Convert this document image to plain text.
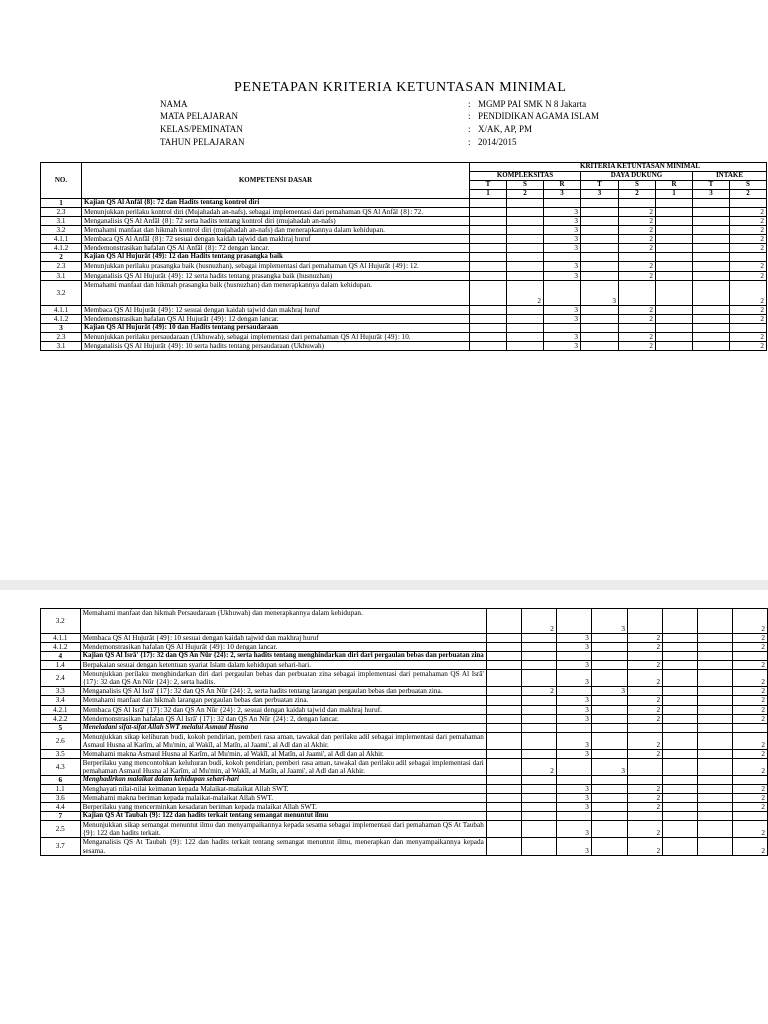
PENETAPAN KRITERIA KETUNTASAN MINIMAL
NAMA	: MGMP PAI SMK N 8 Jakarta
MATA PELAJARAN	: PENDIDIKAN AGAMA ISLAM
KELAS/PEMINATAN	: X/AK, AP, PM
TAHUN PELAJARAN	: 2014/2015
NO.	KOMPETENSI DASAR	KRITERIA KETUNTASAN MINIMAL							
		KOMPLEKSITAS			DAYA DUKUNG			INTAKE	
		T	S	R	T	S	R	T	S
		1	2	3	3	2	1	3	2
1	Kajian QS Al Anfāl {8}: 72 dan Hadits tentang kontrol diri								
2.3	Menunjukkan perilaku kontrol diri (Mujahadah an-nafs), sebagai implementasi dari pemahaman QS Al Anfāl {8}: 72.			3		2			2
3.1	Menganalisis QS Al Anfāl {8}: 72 serta hadits tentang kontrol diri (mujahadah an-nafs)			3		2			2
3.2	Memahami manfaat dan hikmah kontrol diri (mujahadah an-nafs) dan menerapkannya dalam kehidupan.			3		2			2
4.1.1	Membaca QS Al Anfāl {8}: 72 sesuai dengan kaidah tajwid dan makhraj huruf			3		2			2
4.1.2	Mendemonstrasikan hafalan QS Al Anfāl {8}: 72 dengan lancar.			3		2			2
2	Kajian QS Al Hujurāt {49}: 12 dan Hadits tentang prasangka baik								
2.3	Menunjukkan perilaku prasangka baik (husnuzhan), sebagai implementasi dari pemahaman QS Al Hujurāt {49}: 12.			3		2			2
3.1	Menganalisis QS Al Hujurāt {49}: 12 serta hadits tentang prasangka baik (husnuzhan)			3		2			2
3.2	Memahami manfaat dan hikmah prasangka baik (husnuzhan) dan menerapkannya dalam kehidupan.		2		3				2
4.1.1	Membaca QS Al Hujurāt {49}: 12 sesuai dengan kaidah tajwid dan makhraj huruf			3		2			2
4.1.2	Mendemonstrasikan hafalan QS Al Hujurāt {49}: 12 dengan lancar.			3		2			2
3	Kajian QS Al Hujurāt {49}: 10 dan Hadits tentang persaudaraan								
2.3	Menunjukkan perilaku persaudaraan (Ukhuwah), sebagai implementasi dari pemahaman QS Al Hujurāt {49}: 10.			3		2			2
3.1	Menganalisis QS Al Hujurāt {49}: 10 serta hadits tentang persaudaraan (Ukhuwah)			3		2			2
3.2	Memahami manfaat dan hikmah Persaudaraan (Ukhuwah) dan menerapkannya dalam kehidupan.		2		3				2
4.1.1	Membaca QS Al Hujurāt {49}: 10 sesuai dengan kaidah tajwid dan makhraj huruf			3		2			2
4.1.2	Mendemonstrasikan hafalan QS Al Hujurāt {49}: 10 dengan lancar.			3		2			2
4	Kajian QS Al Isrā' {17}: 32 dan QS An Nūr {24}: 2, serta hadits tentang menghindarkan diri dari pergaulan bebas dan perbuatan zina								
1.4	Berpakaian sesuai dengan ketentuan syariat Islam dalam kehidupan sehari-hari.			3		2			2
2.4	Menunjukkan perilaku menghindarkan diri dari pergaulan bebas dan perbuatan zina sebagai implementasi dari pemahaman QS Al Isrā' {17}: 32 dan QS An Nūr {24}: 2, serta hadits.			3		2			2
3.3	Menganalisis QS Al Isrā' {17}: 32 dan QS An Nūr {24}: 2, serta hadits tentang larangan pergaulan bebas dan perbuatan zina.		2		3				2
3.4	Memahami manfaat dan hikmah larangan pergaulan bebas dan perbuatan zina.			3		2			2
4.2.1	Membaca QS Al Isrā' {17}: 32 dan QS An Nūr {24}: 2, sesuai dengan kaidah tajwid dan makhraj huruf.			3		2			2
4.2.2	Mendemonstrasikan hafalan QS Al Isrā' {17}: 32 dan QS An Nūr {24}: 2, dengan lancar.			3		2			2
5	Meneladani sifat-sifat Allah SWT melalui Asmaul Husna								
2.6	Menunjukkan sikap kelihuran budi, kokoh pendirian, pemberi rasa aman, tawakal dan perilaku adil sebagai implementasi dari pemahaman Asmaul Husna al Karīm, al Mu'min, al Wakīl, al Matīn, al Jaami', al Adl dan al Akhir.			3		2			2
3.5	Memahami makna Asmaul Husna al Karīm, al Mu'min, al Wakīl, al Matīn, al Jaami', al Adl dan al Akhir.			3		2			2
4.3	Berperilaku yang mencontohkan keluhuran budi, kokoh pendirian, pemberi rasa aman, tawakal dan perilaku adil sebagai implementasi dari pemahaman Asmaul Husna al Karīm, al Mu'min, al Wakīl, al Matīn, al Jaami', al Adl dan al Akhir.		2		3				2
6	Menghadirkan malaikat dalam kehidupan sehari-hari								
1.1	Menghayati nilai-nilai keimanan kepada Malaikat-malaikat Allah SWT.			3		2			2
3.6	Memahami makna beriman kepada malaikat-malaikat Allah SWT.			3		2			2
4.4	Berperilaku yang mencerminkan kesadaran beriman kepada malaikat Allah SWT.			3		2			2
7	Kajian QS At Taubah {9}: 122 dan hadits terkait tentang semangat menuntut ilmu								
2.5	Menunjukkan sikap semangat menuntut ilmu dan menyampaikannya kepada sesama sebagai implementasi dari pemahaman QS At Taubah {9}: 122 dan hadits terkait.			3		2			2
3.7	Menganalisis QS At Taubah {9}: 122 dan hadits terkait tentang semangat menuntut ilmu, menerapkan dan menyampaikannya kepada sesama.			3		2			2
